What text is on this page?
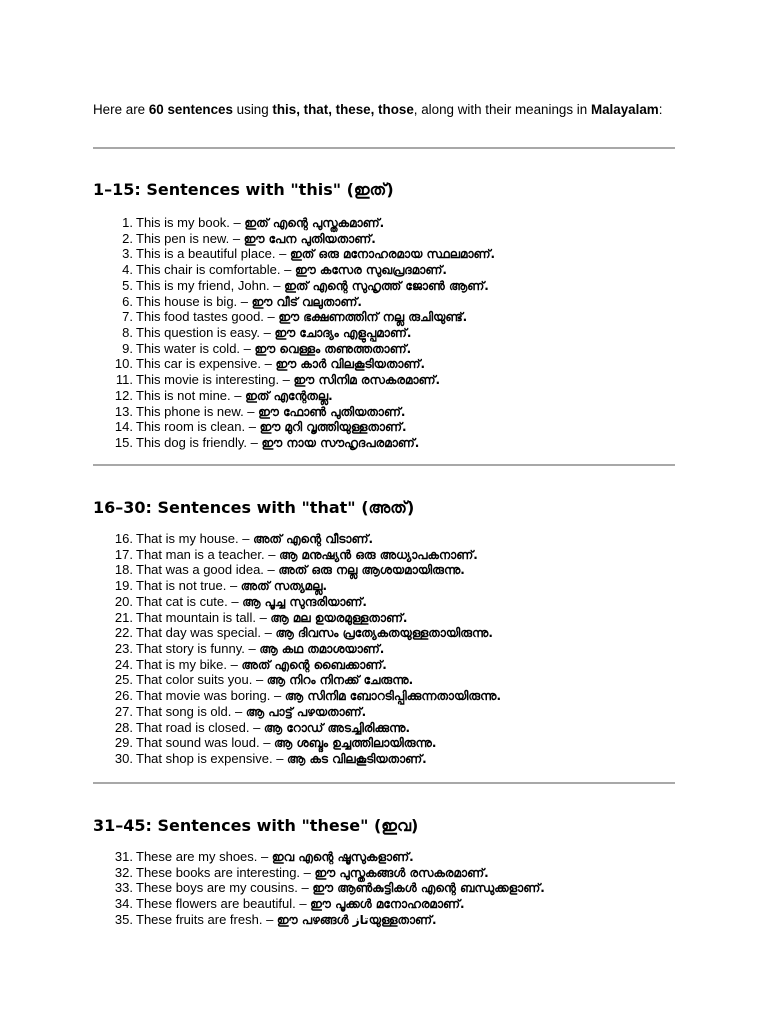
Here are 60 sentences using this, that, these, those, along with their meanings in Malayalam:
1–15: Sentences with "this" (ഇത്)
1. This is my book. – ഇത് എന്റെ പുസ്തകമാണ്.
2. This pen is new. – ഈ പേന പുതിയതാണ്.
3. This is a beautiful place. – ഇത് ഒരു മനോഹരമായ സ്ഥലമാണ്.
4. This chair is comfortable. – ഈ കസേര സുഖപ്രദമാണ്.
5. This is my friend, John. – ഇത് എന്റെ സുഹൃത്ത് ജോൺ ആണ്.
6. This house is big. – ഈ വീട് വലുതാണ്.
7. This food tastes good. – ഈ ഭക്ഷണത്തിന് നല്ല രുചിയുണ്ട്.
8. This question is easy. – ഈ ചോദ്യം എളുപ്പമാണ്.
9. This water is cold. – ഈ വെള്ളം തണുത്തതാണ്.
10. This car is expensive. – ഈ കാർ വിലകൂടിയതാണ്.
11. This movie is interesting. – ഈ സിനിമ രസകരമാണ്.
12. This is not mine. – ഇത് എന്റേതല്ല.
13. This phone is new. – ഈ ഫോൺ പുതിയതാണ്.
14. This room is clean. – ഈ മുറി വൃത്തിയുള്ളതാണ്.
15. This dog is friendly. – ഈ നായ സൗഹൃദപരമാണ്.
16–30: Sentences with "that" (അത്)
16. That is my house. – അത് എന്റെ വീടാണ്.
17. That man is a teacher. – ആ മനുഷ്യൻ ഒരു അധ്യാപകനാണ്.
18. That was a good idea. – അത് ഒരു നല്ല ആശയമായിരുന്നു.
19. That is not true. – അത് സത്യമല്ല.
20. That cat is cute. – ആ പൂച്ച സുന്ദരിയാണ്.
21. That mountain is tall. – ആ മല ഉയരമുള്ളതാണ്.
22. That day was special. – ആ ദിവസം പ്രത്യേകതയുള്ളതായിരുന്നു.
23. That story is funny. – ആ കഥ തമാശയാണ്.
24. That is my bike. – അത് എന്റെ ബൈക്കാണ്.
25. That color suits you. – ആ നിറം നിനക്ക് ചേരുന്നു.
26. That movie was boring. – ആ സിനിമ ബോറടിപ്പിക്കുന്നതായിരുന്നു.
27. That song is old. – ആ പാട്ട് പഴയതാണ്.
28. That road is closed. – ആ റോഡ് അടച്ചിരിക്കുന്നു.
29. That sound was loud. – ആ ശബ്ദം ഉച്ചത്തിലായിരുന്നു.
30. That shop is expensive. – ആ കട വിലകൂടിയതാണ്.
31–45: Sentences with "these" (ഇവ)
31. These are my shoes. – ഇവ എന്റെ ഷൂസുകളാണ്.
32. These books are interesting. – ഈ പുസ്തകങ്ങൾ രസകരമാണ്.
33. These boys are my cousins. – ഈ ആൺകുട്ടികൾ എന്റെ ബന്ധുക്കളാണ്.
34. These flowers are beautiful. – ഈ പൂക്കൾ മനോഹരമാണ്.
35. These fruits are fresh. – ഈ പഴങ്ങൾ تازയുള്ളതാണ്.
